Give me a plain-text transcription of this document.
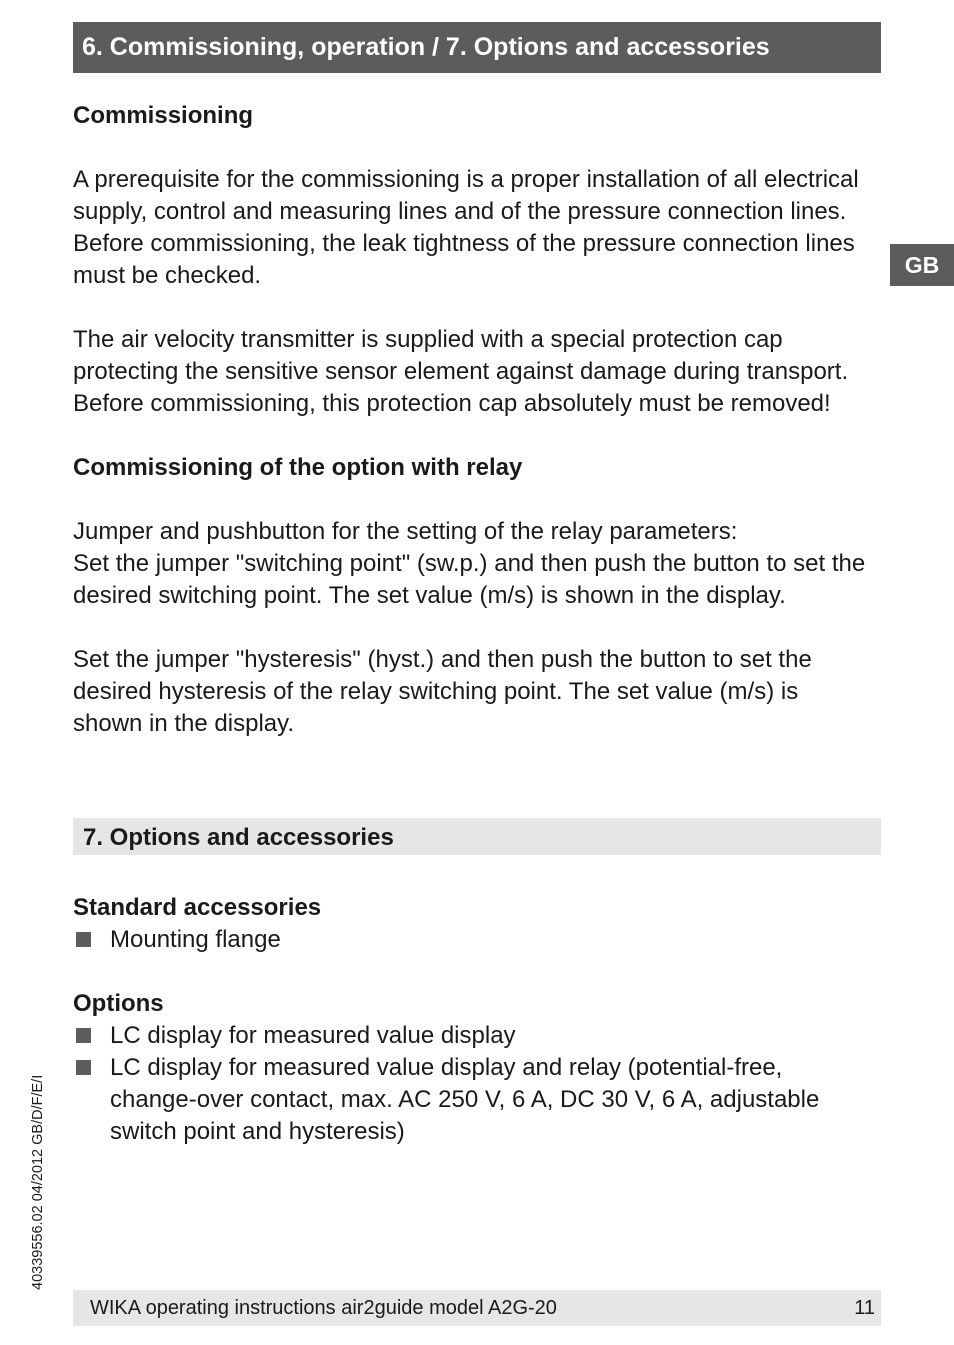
6. Commissioning, operation / 7. Options and accessories
GB

Commissioning

A prerequisite for the commissioning is a proper installation of all electrical supply, control and measuring lines and of the pressure connection lines. Before commissioning, the leak tightness of the pressure connection lines must be checked.

The air velocity transmitter is supplied with a special protection cap protecting the sensitive sensor element against damage during transport. Before commissioning, this protection cap absolutely must be removed!

Commissioning of the option with relay

Jumper and pushbutton for the setting of the relay parameters:

Set the jumper "switching point" (sw.p.) and then push the button to set the desired switching point. The set value (m/s) is shown in the display.

Set the jumper "hysteresis" (hyst.) and then push the button to set the desired hysteresis of the relay switching point. The set value (m/s) is shown in the display.

7. Options and accessories

Standard accessories

Mounting flange

Options

LC display for measured value display
LC display for measured value display and relay (potential-free, change-over contact, max. AC 250 V, 6 A, DC 30 V, 6 A, adjustable switch point and hysteresis)
40339556.02 04/2012 GB/D/F/E/I
WIKA operating instructions air2guide model A2G-20	11
